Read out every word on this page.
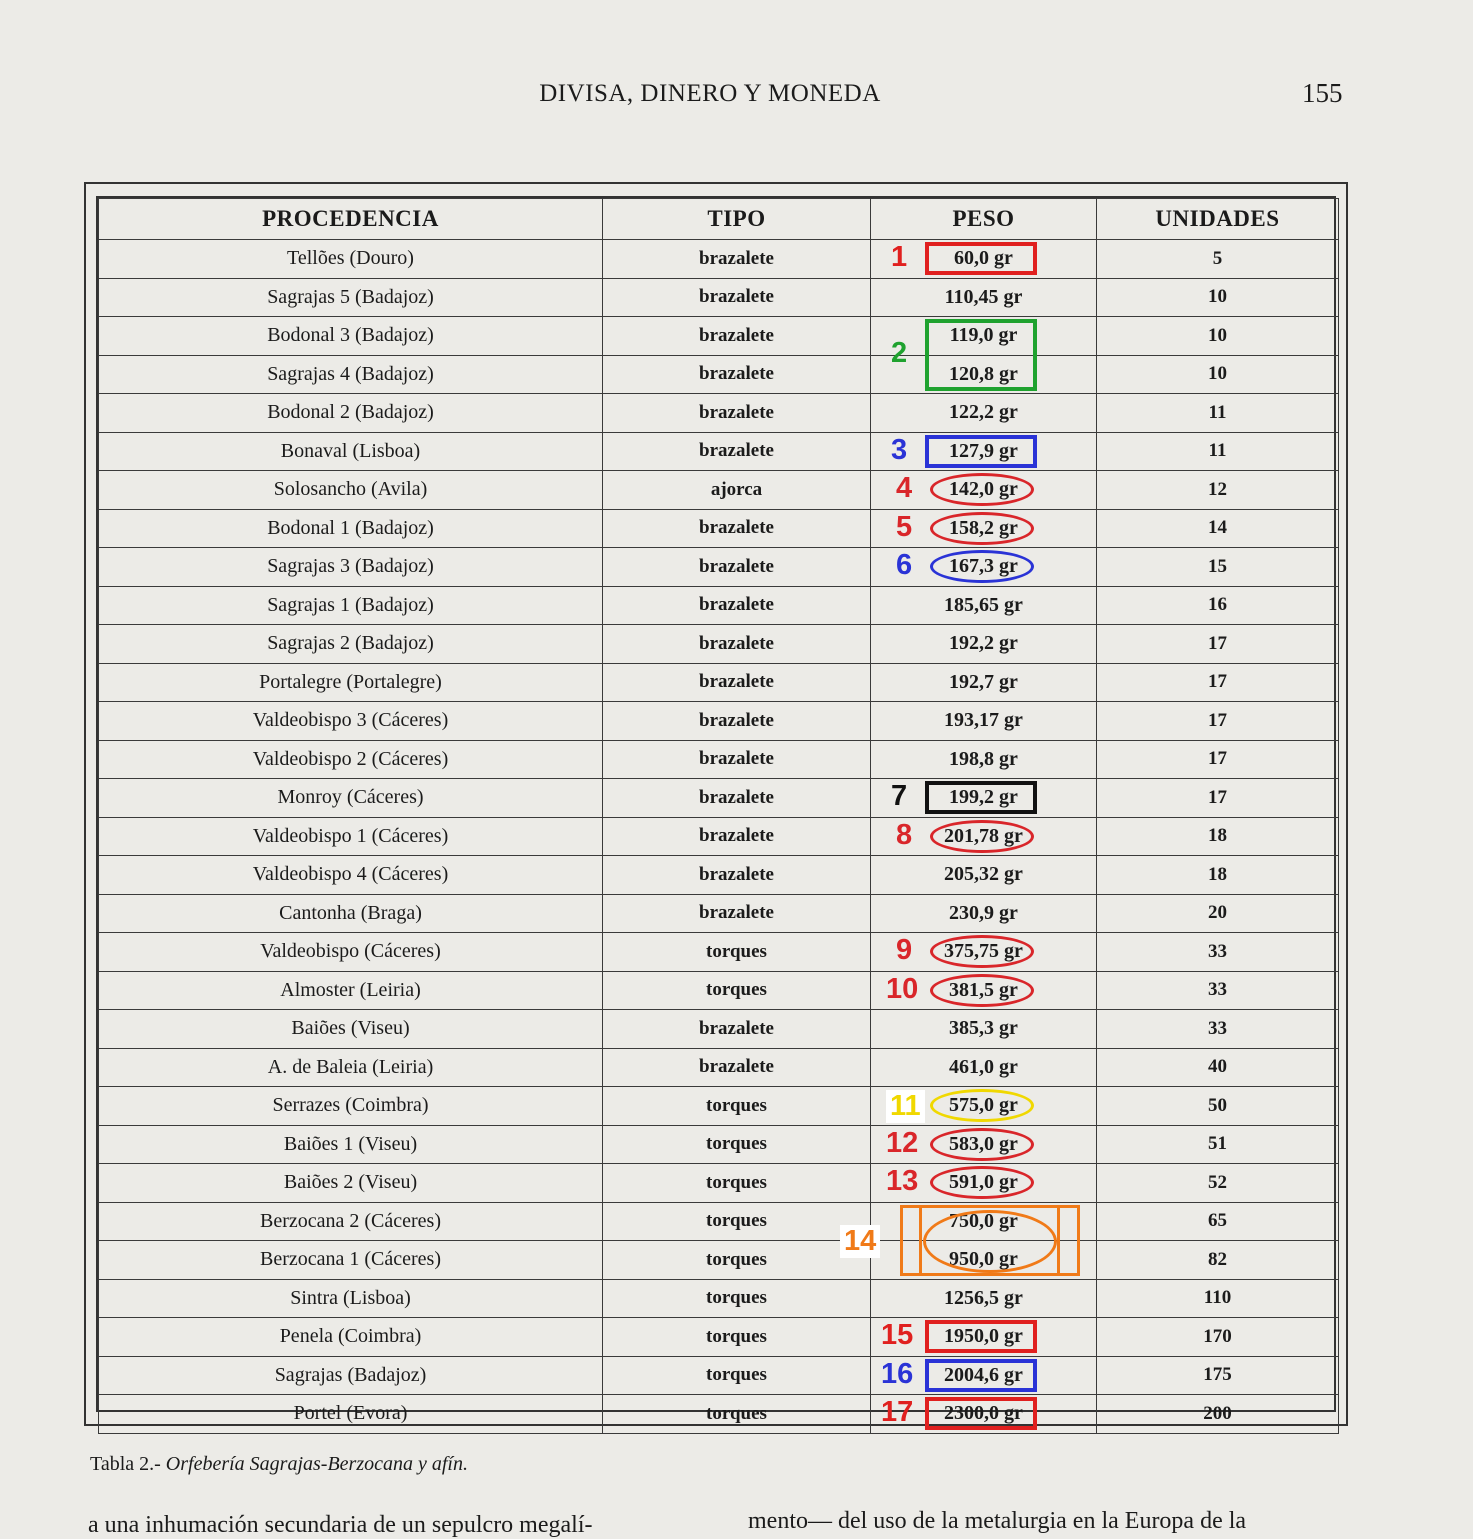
DIVISA, DINERO Y MONEDA	155
PROCEDENCIA	TIPO	PESO	UNIDADES
Tellões (Douro)	brazalete	60,0 gr	5
Sagrajas 5 (Badajoz)	brazalete	110,45 gr	10
Bodonal 3 (Badajoz)	brazalete	119,0 gr	10
Sagrajas 4 (Badajoz)	brazalete	120,8 gr	10
Bodonal 2 (Badajoz)	brazalete	122,2 gr	11
Bonaval (Lisboa)	brazalete	127,9 gr	11
Solosancho (Avila)	ajorca	142,0 gr	12
Bodonal 1 (Badajoz)	brazalete	158,2 gr	14
Sagrajas 3 (Badajoz)	brazalete	167,3 gr	15
Sagrajas 1 (Badajoz)	brazalete	185,65 gr	16
Sagrajas 2 (Badajoz)	brazalete	192,2 gr	17
Portalegre (Portalegre)	brazalete	192,7 gr	17
Valdeobispo 3 (Cáceres)	brazalete	193,17 gr	17
Valdeobispo 2 (Cáceres)	brazalete	198,8 gr	17
Monroy (Cáceres)	brazalete	199,2 gr	17
Valdeobispo 1 (Cáceres)	brazalete	201,78 gr	18
Valdeobispo 4 (Cáceres)	brazalete	205,32 gr	18
Cantonha (Braga)	brazalete	230,9 gr	20
Valdeobispo (Cáceres)	torques	375,75 gr	33
Almoster (Leiria)	torques	381,5 gr	33
Baiões (Viseu)	brazalete	385,3 gr	33
A. de Baleia (Leiria)	brazalete	461,0 gr	40
Serrazes (Coimbra)	torques	575,0 gr	50
Baiões 1 (Viseu)	torques	583,0 gr	51
Baiões 2 (Viseu)	torques	591,0 gr	52
Berzocana 2 (Cáceres)	torques	750,0 gr	65
Berzocana 1 (Cáceres)	torques	950,0 gr	82
Sintra (Lisboa)	torques	1256,5 gr	110
Penela (Coimbra)	torques	1950,0 gr	170
Sagrajas (Badajoz)	torques	2004,6 gr	175
Portel (Evora)	torques	2300,0 gr	200
1
2
3
4
5
6
7
8
9
10
11
12
13
14
15
16
17
Tabla 2.- Orfebería Sagrajas-Berzocana y afín.
a una inhumación secundaria de un sepulcro megalí-	mento— del uso de la metalurgia en la Europa de la
